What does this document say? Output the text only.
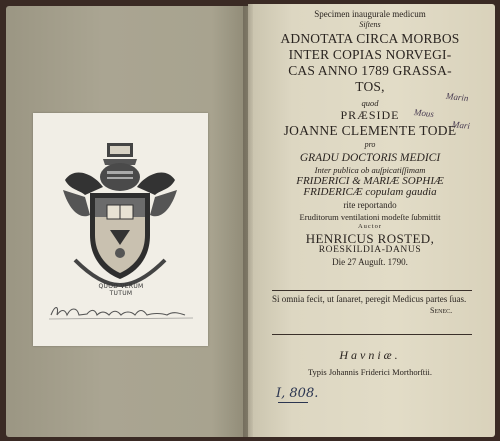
QUOD VERUM TUTUM
Specimen inaugurale medicum
Siſtens
ADNOTATA CIRCA MORBOS
INTER COPIAS NORVEGI-
CAS ANNO 1789 GRASSA-
TOS,
quod
PRÆSIDE
JOANNE CLEMENTE TODE
pro
GRADU DOCTORIS MEDICI
Inter publica ob auſpicatiſſimam
FRIDERICI & MARIÆ SOPHIÆ
FRIDERICÆ copulam gaudia
rite reportando
Eruditorum ventilationi modeſte ſubmittit
Auctor
HENRICUS ROSTED,
ROESKILDIA-DANUS
Die 27 Auguſt. 1790.
Si omnia fecit, ut ſanaret, peregit Medicus partes ſuas.
Senec.
Havniæ.
Typis Johannis Friderici Morthorſtii.
Marin
Mous
Mari
I, 808.
